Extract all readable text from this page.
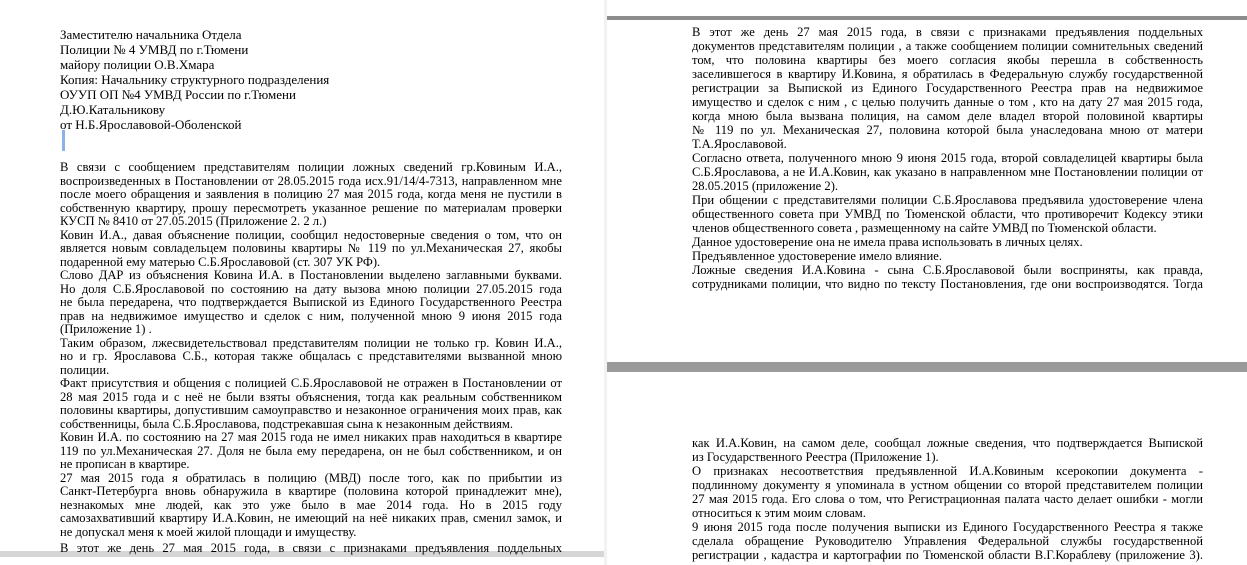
Заместителю начальника Отдела
Полиции № 4 УМВД по г.Тюмени
майору полиции О.В.Хмара
Копия: Начальнику структурного подразделения
ОУУП ОП №4 УМВД России по г.Тюмени
Д.Ю.Катальникову
от Н.Б.Ярославовой-Оболенской
В связи с сообщением представителям полиции ложных сведений гр.Ковиным И.А.,
воспроизведенных в Постановлении от 28.05.2015 года исх.91/14/4-7313, направленном мне
после моего обращения и заявления в полицию 27 мая 2015 года, когда меня не пустили в
собственную квартиру, прошу пересмотреть указанное решение по материалам проверки
КУСП № 8410 от 27.05.2015 (Приложение 2. 2 л.)
Ковин И.А., давая объяснение полиции, сообщил недостоверные сведения о том, что он
является новым совладельцем половины квартиры № 119 по ул.Механическая 27, якобы
подаренной ему матерью С.Б.Ярославовой (ст. 307 УК РФ).
Слово ДАР из объяснения Ковина И.А. в Постановлении выделено заглавными буквами.
Но доля С.Б.Ярославовой по состоянию на дату вызова мною полиции 27.05.2015 года
не была передарена, что подтверждается Выпиской из Единого Государственного Реестра
прав на недвижимое имущество и сделок с ним, полученной мною 9 июня 2015 года
(Приложение 1) .
Таким образом, лжесвидетельствовал представителям полиции не только гр. Ковин И.А.,
но и гр. Ярославова С.Б., которая также общалась с представителями вызванной мною
полиции.
Факт присутствия и общения с полицией С.Б.Ярославовой не отражен в Постановлении от
28 мая 2015 года и с неё не были взяты объяснения, тогда как реальным собственником
половины квартиры, допустившим самоуправство и незаконное ограничения моих прав, как
собственницы, была С.Б.Ярославова, подстрекавшая сына к незаконным действиям.
Ковин И.А. по состоянию на 27 мая 2015 года не имел никаких прав находиться в квартире
119 по ул.Механическая 27. Доля не была ему передарена, он не был собственником, и он
не прописан в квартире.
27 мая 2015 года я обратилась в полицию (МВД) после того, как по прибытии из
Санкт-Петербурга вновь обнаружила в квартире (половина которой принадлежит мне),
незнакомых мне людей, как это уже было в мае 2014 года. Но в 2015 году
самозахвативший квартиру И.А.Ковин, не имеющий на неё никаких прав, сменил замок, и
не допускал меня к моей жилой площади и имуществу.
В этот же день 27 мая 2015 года, в связи с признаками предъявления поддельных
В этот же день 27 мая 2015 года, в связи с признаками предъявления поддельных
документов представителям полиции , а также сообщением полиции сомнительных сведений
том, что половина квартиры без моего согласия якобы перешла в собственность
заселившегося в квартиру И.Ковина, я обратилась в Федеральную службу государственной
регистрации за Выпиской из Единого Государственного Реестра прав на недвижимое
имущество и сделок с ним , с целью получить данные о том , кто на дату 27 мая 2015 года,
когда мною была вызвана полиция, на самом деле владел второй половиной квартиры
№ 119 по ул. Механическая 27, половина которой была унаследована мною от матери
Т.А.Ярославовой.
Согласно ответа, полученного мною 9 июня 2015 года, второй совладелицей квартиры была
С.Б.Ярославова, а не И.А.Ковин, как указано в направленном мне Постановлении полиции от
28.05.2015 (приложение 2).
При общении с представителями полиции С.Б.Ярославова предъявила удостоверение члена
общественного совета при УМВД по Тюменской области, что противоречит Кодексу этики
членов общественного совета , размещенному на сайте УМВД по Тюменской области.
Данное удостоверение она не имела права использовать в личных целях.
Предъявленное удостоверение имело влияние.
Ложные сведения И.А.Ковина - сына С.Б.Ярославовой были восприняты, как правда,
сотрудниками полиции, что видно по тексту Постановления, где они воспроизводятся. Тогда
как И.А.Ковин, на самом деле, сообщал ложные сведения, что подтверждается Выпиской
из Государственного Реестра (Приложение 1).
О признаках несоответствия предъявленной И.А.Ковиным ксерокопии документа -
подлинному документу я упоминала в устном общении со второй представителем полиции
27 мая 2015 года. Его слова о том, что Регистрационная палата часто делает ошибки - могли
относиться к этим моим словам.
9 июня 2015 года после получения выписки из Единого Государственного Реестра я также
сделала обращение Руководителю Управления Федеральной службы государственной
регистрации , кадастра и картографии по Тюменской области В.Г.Кораблеву (приложение 3).
